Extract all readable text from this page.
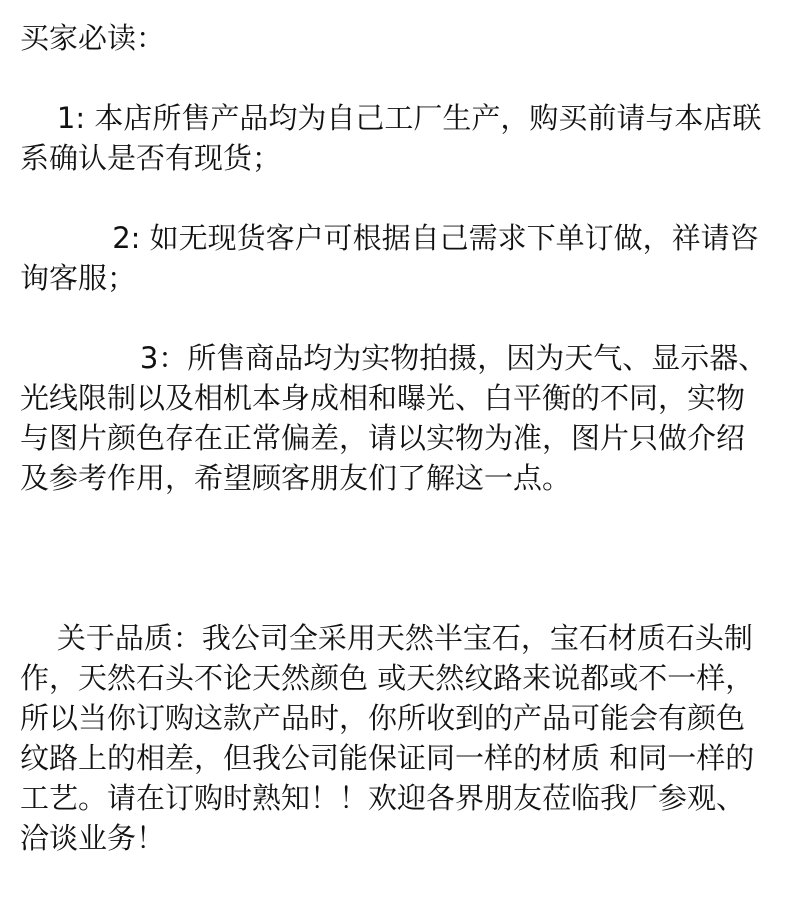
买家必读：

1: 本店所售产品均为自己工厂生产，购买前请与本店联系确认是否有现货；

2: 如无现货客户可根据自己需求下单订做，祥请咨询客服；

3：所售商品均为实物拍摄，因为天气、显示器、光线限制以及相机本身成相和曝光、白平衡的不同，实物与图片颜色存在正常偏差，请以实物为准，图片只做介绍及参考作用，希望顾客朋友们了解这一点。

关于品质：我公司全采用天然半宝石，宝石材质石头制作，天然石头不论天然颜色 或天然纹路来说都或不一样，所以当你订购这款产品时，你所收到的产品可能会有颜色纹路上的相差，但我公司能保证同一样的材质 和同一样的工艺。请在订购时熟知！！欢迎各界朋友莅临我厂参观、洽谈业务！
